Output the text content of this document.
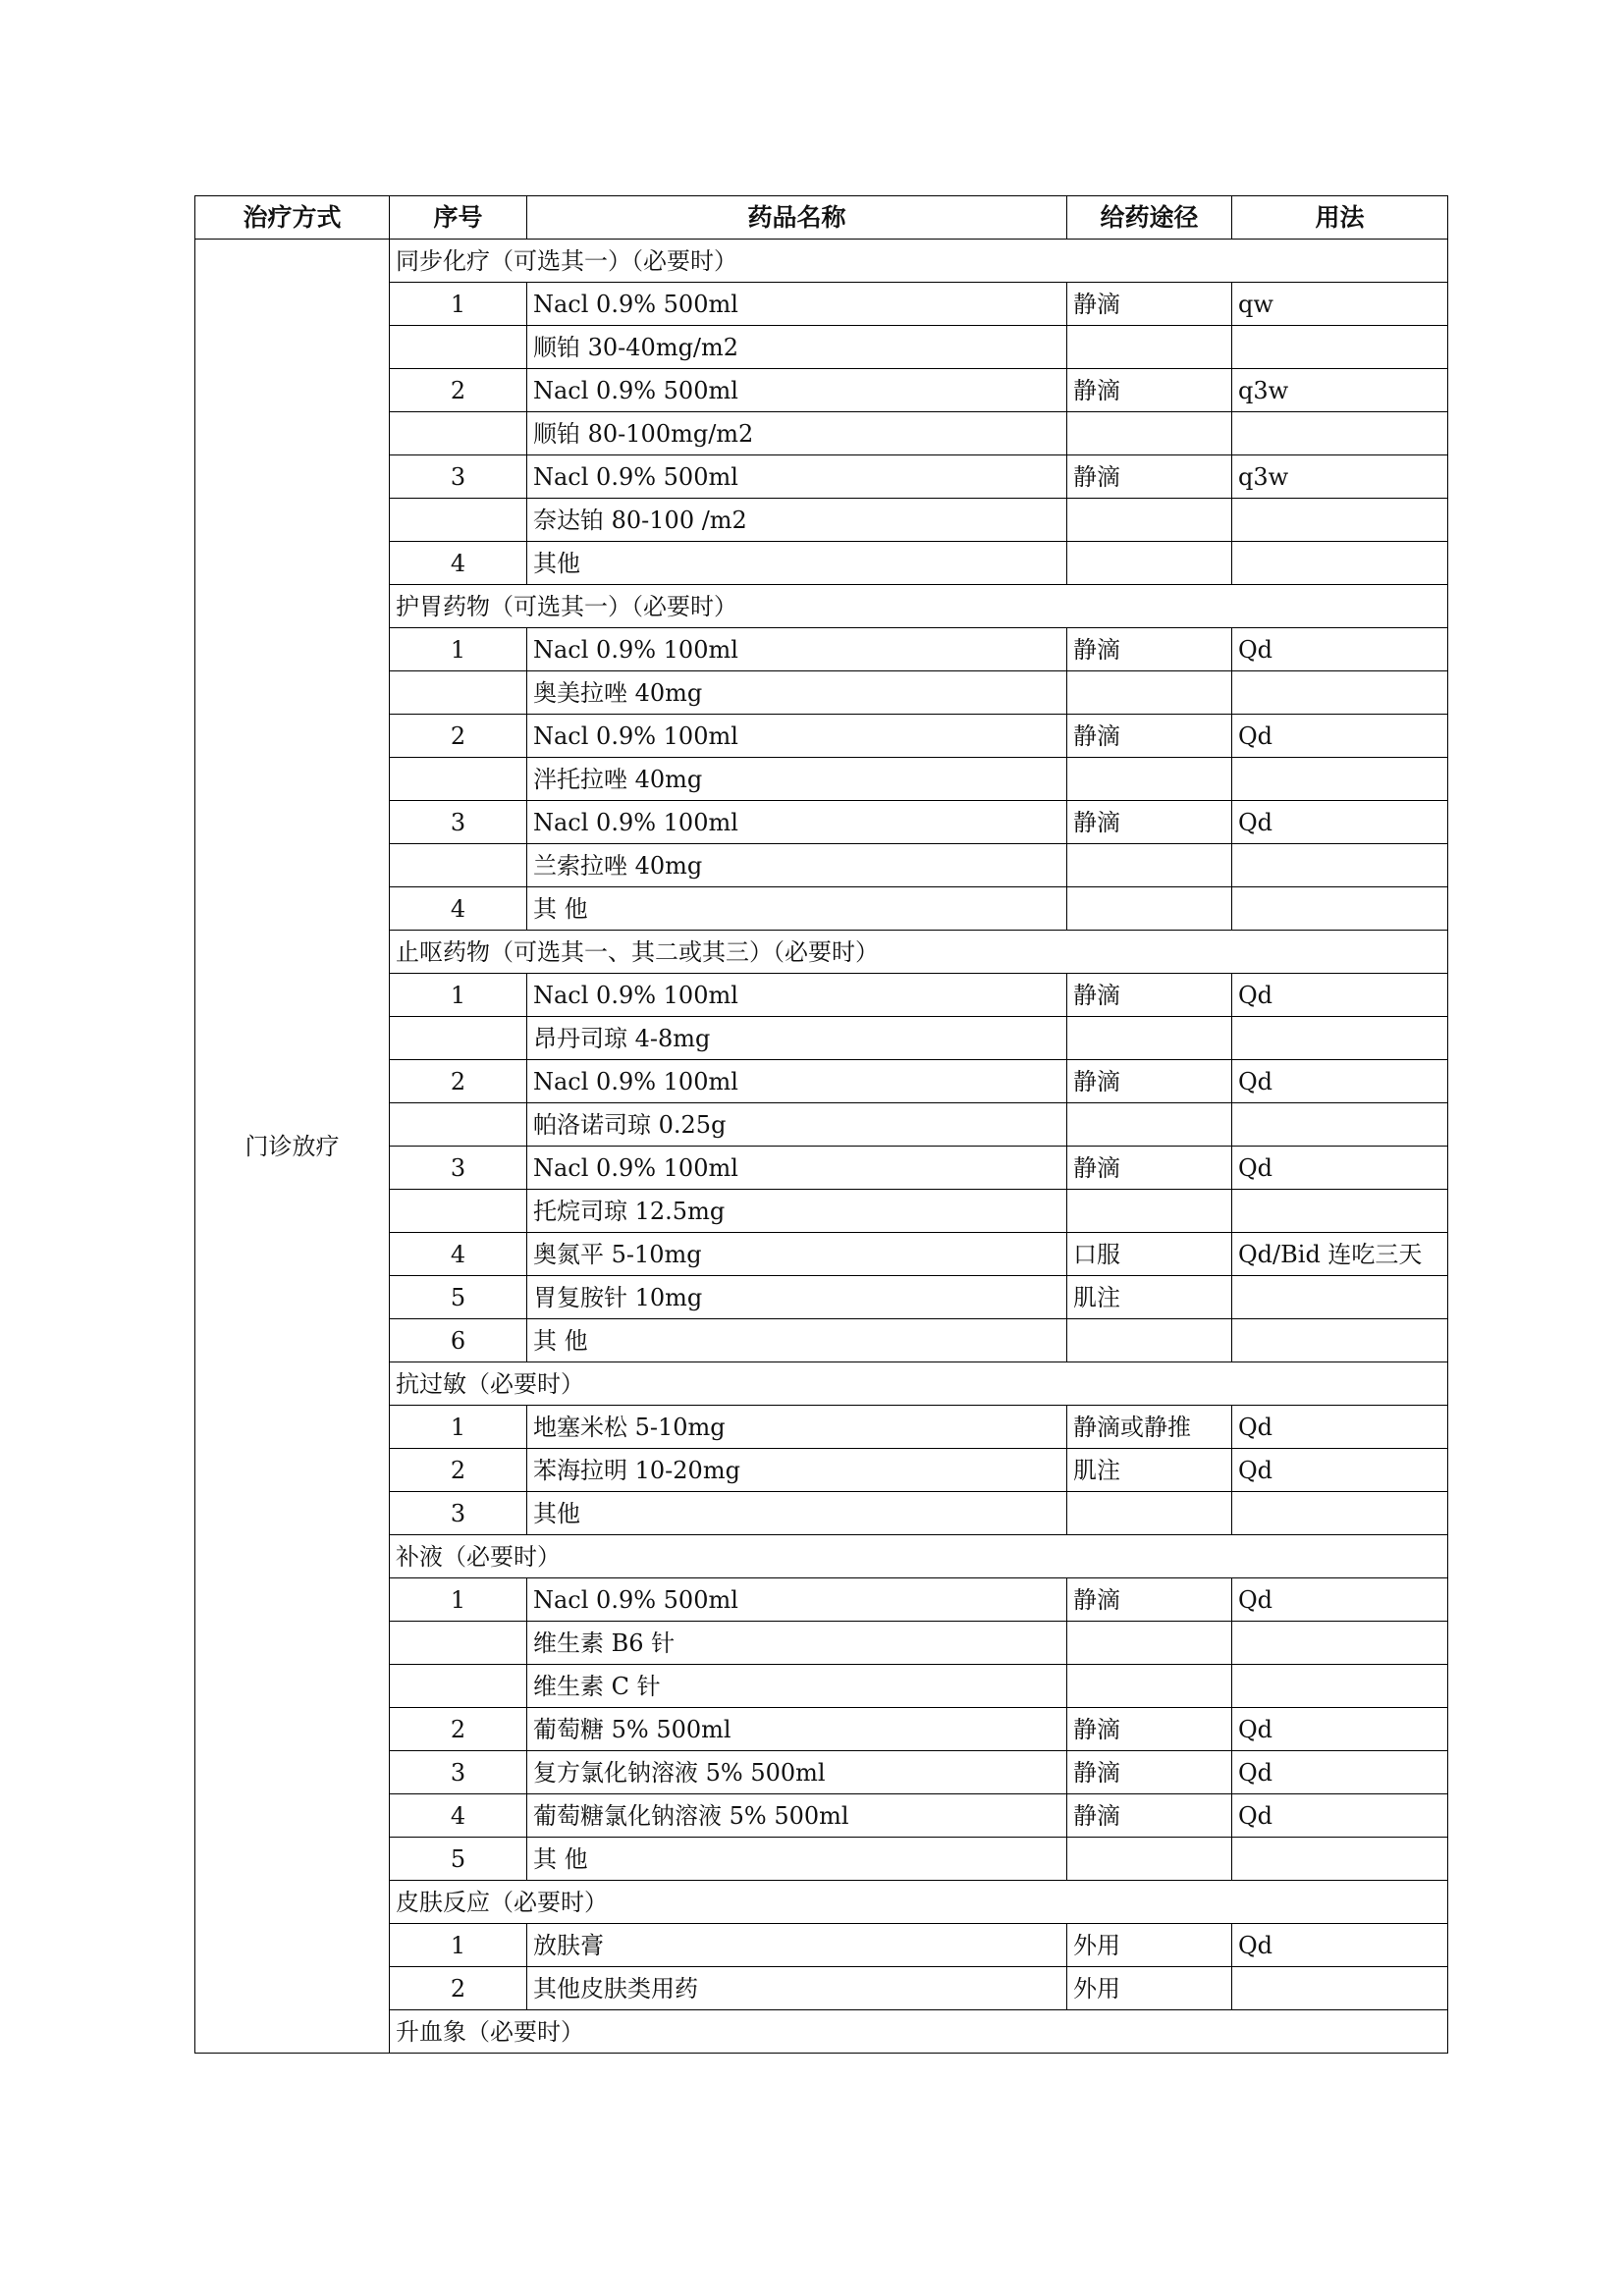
治疗方式	序号	药品名称	给药途径	用法
门诊放疗	同步化疗（可选其一）（必要时）			
	1	Nacl 0.9% 500ml	静滴	qw
		顺铂 30-40mg/m2		
	2	Nacl 0.9% 500ml	静滴	q3w
		顺铂 80-100mg/m2		
	3	Nacl 0.9% 500ml	静滴	q3w
		奈达铂 80-100 /m2		
	4	其他		
	护胃药物（可选其一）（必要时）			
	1	Nacl 0.9% 100ml	静滴	Qd
		奥美拉唑 40mg		
	2	Nacl 0.9% 100ml	静滴	Qd
		泮托拉唑 40mg		
	3	Nacl 0.9% 100ml	静滴	Qd
		兰索拉唑 40mg		
	4	其 他		
	止呕药物（可选其一、其二或其三）（必要时）			
	1	Nacl 0.9% 100ml	静滴	Qd
		昂丹司琼 4-8mg		
	2	Nacl 0.9% 100ml	静滴	Qd
		帕洛诺司琼 0.25g		
	3	Nacl 0.9% 100ml	静滴	Qd
		托烷司琼 12.5mg		
	4	奥氮平 5-10mg	口服	Qd/Bid 连吃三天
	5	胃复胺针 10mg	肌注	
	6	其 他		
	抗过敏（必要时）			
	1	地塞米松 5-10mg	静滴或静推	Qd
	2	苯海拉明 10-20mg	肌注	Qd
	3	其他		
	补液（必要时）			
	1	Nacl 0.9% 500ml	静滴	Qd
		维生素 B6 针		
		维生素 C 针		
	2	葡萄糖 5% 500ml	静滴	Qd
	3	复方氯化钠溶液 5% 500ml	静滴	Qd
	4	葡萄糖氯化钠溶液 5% 500ml	静滴	Qd
	5	其 他		
	皮肤反应（必要时）			
	1	放肤膏	外用	Qd
	2	其他皮肤类用药	外用	
	升血象（必要时）			
